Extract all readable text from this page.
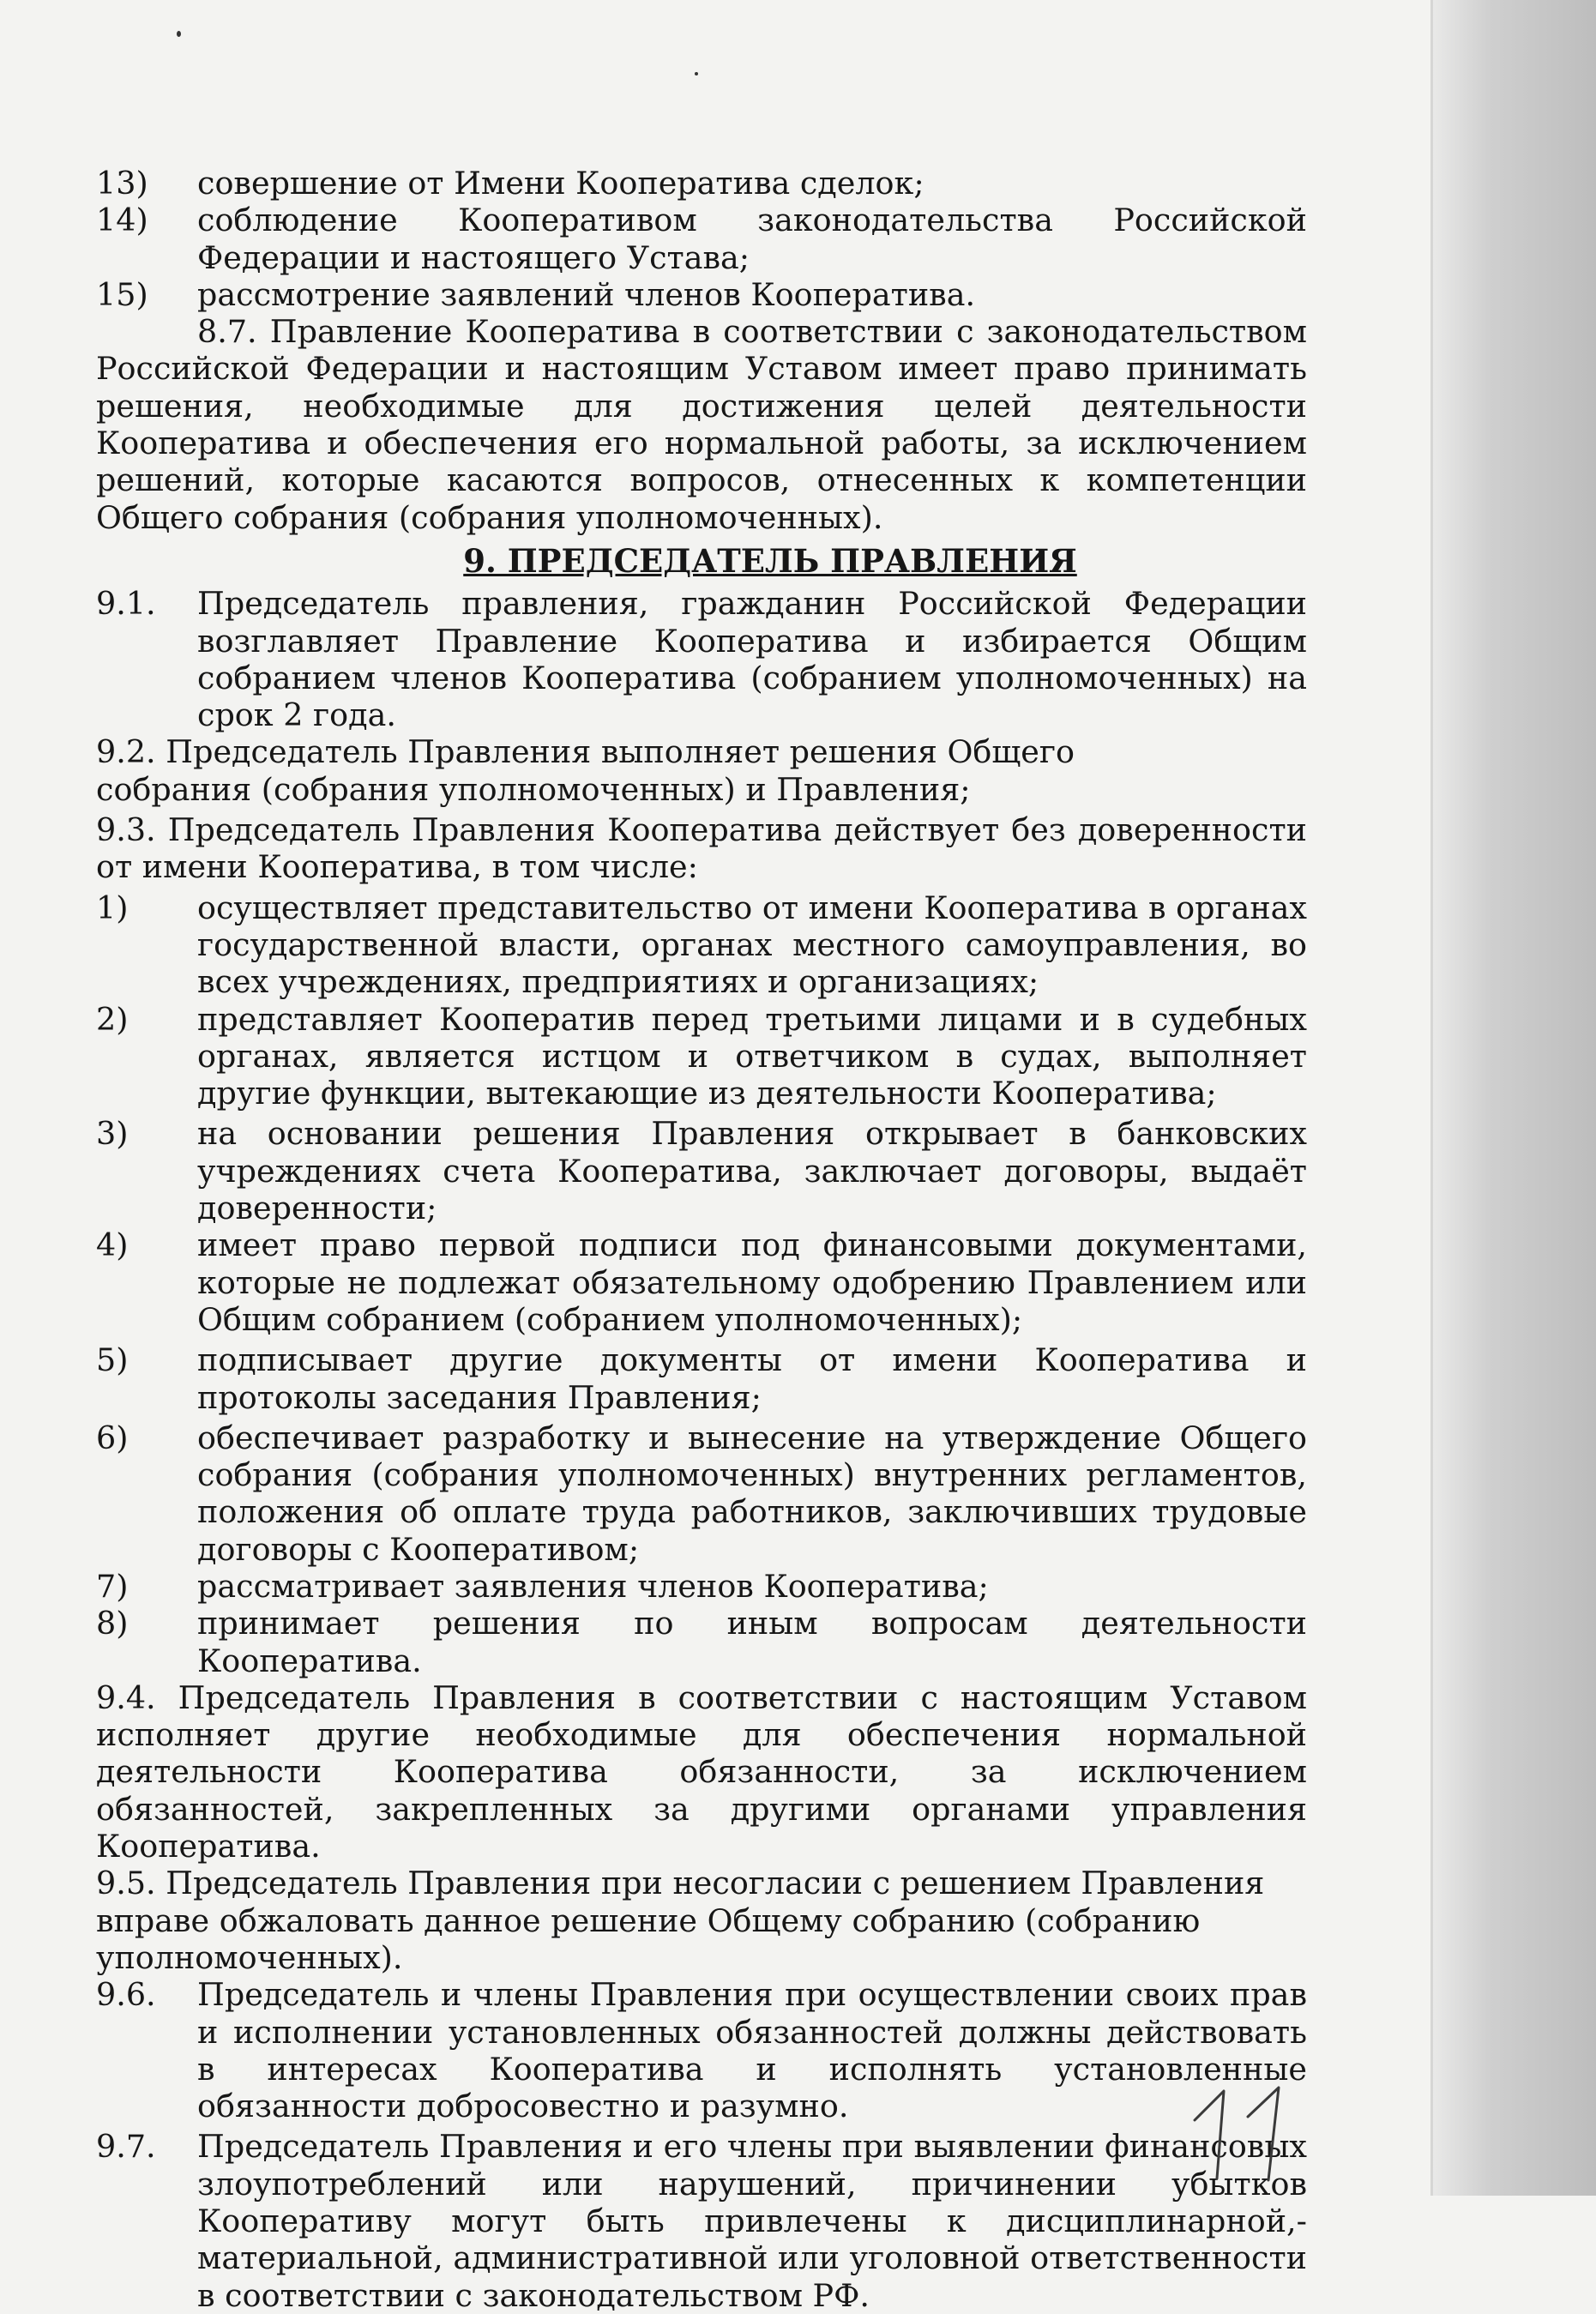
13)	совершение от Имени Кооператива сделок;
14)	соблюдение Кооперативом законодательства Российской Федерации и настоящего Устава;
15)	рассмотрение заявлений членов Кооператива.

8.7. Правление Кооператива в соответствии с законодательством Российской Федерации и настоящим Уставом имеет право принимать решения, необходимые для достижения целей деятельности Кооператива и обеспечения его нормальной работы, за исключением решений, которые касаются вопросов, отнесенных к компетенции Общего собрания (собрания уполномоченных).

9. ПРЕДСЕДАТЕЛЬ ПРАВЛЕНИЯ
9.1.	Председатель правления, гражданин Российской Федерации возглавляет Правление Кооператива и избирается Общим собранием членов Кооператива (собранием уполномоченных) на срок 2 года.

9.2. Председатель Правления выполняет решения Общего собрания (собрания уполномоченных) и Правления;

9.3. Председатель Правления Кооператива действует без доверенности от имени Кооператива, в том числе:

1)	осуществляет представительство от имени Кооператива в органах государственной власти, органах местного самоуправления, во всех учреждениях, предприятиях и организациях;
2)	представляет Кооператив перед третьими лицами и в судебных органах, является истцом и ответчиком в судах, выполняет другие функции, вытекающие из деятельности Кооператива;
3)	на основании решения Правления открывает в банковских учреждениях счета Кооператива, заключает договоры, выдаёт доверенности;
4)	имеет право первой подписи под финансовыми документами, которые не подлежат обязательному одобрению Правлением или Общим собранием (собранием уполномоченных);
5)	подписывает другие документы от имени Кооператива и протоколы заседания Правления;
6)	обеспечивает разработку и вынесение на утверждение Общего собрания (собрания уполномоченных) внутренних регламентов, положения об оплате труда работников, заключивших трудовые договоры с Кооперативом;
7)	рассматривает заявления членов Кооператива;
8)	принимает решения по иным вопросам деятельности Кооператива.

9.4. Председатель Правления в соответствии с настоящим Уставом исполняет другие необходимые для обеспечения нормальной деятельности Кооператива обязанности, за исключением обязанностей, закрепленных за другими органами управления Кооператива.

9.5. Председатель Правления при несогласии с решением Правления вправе обжаловать данное решение Общему собранию (собранию уполномоченных).

9.6.	Председатель и члены Правления при осуществлении своих прав и исполнении установленных обязанностей должны действовать в интересах Кооператива и исполнять установленные обязанности добросовестно и разумно.
9.7.	Председатель Правления и его члены при выявлении финансовых злоупотреблений или нарушений, причинении убытков Кооперативу могут быть привлечены к дисциплинарной,-материальной, административной или уголовной ответственности в соответствии с законодательством РФ.
